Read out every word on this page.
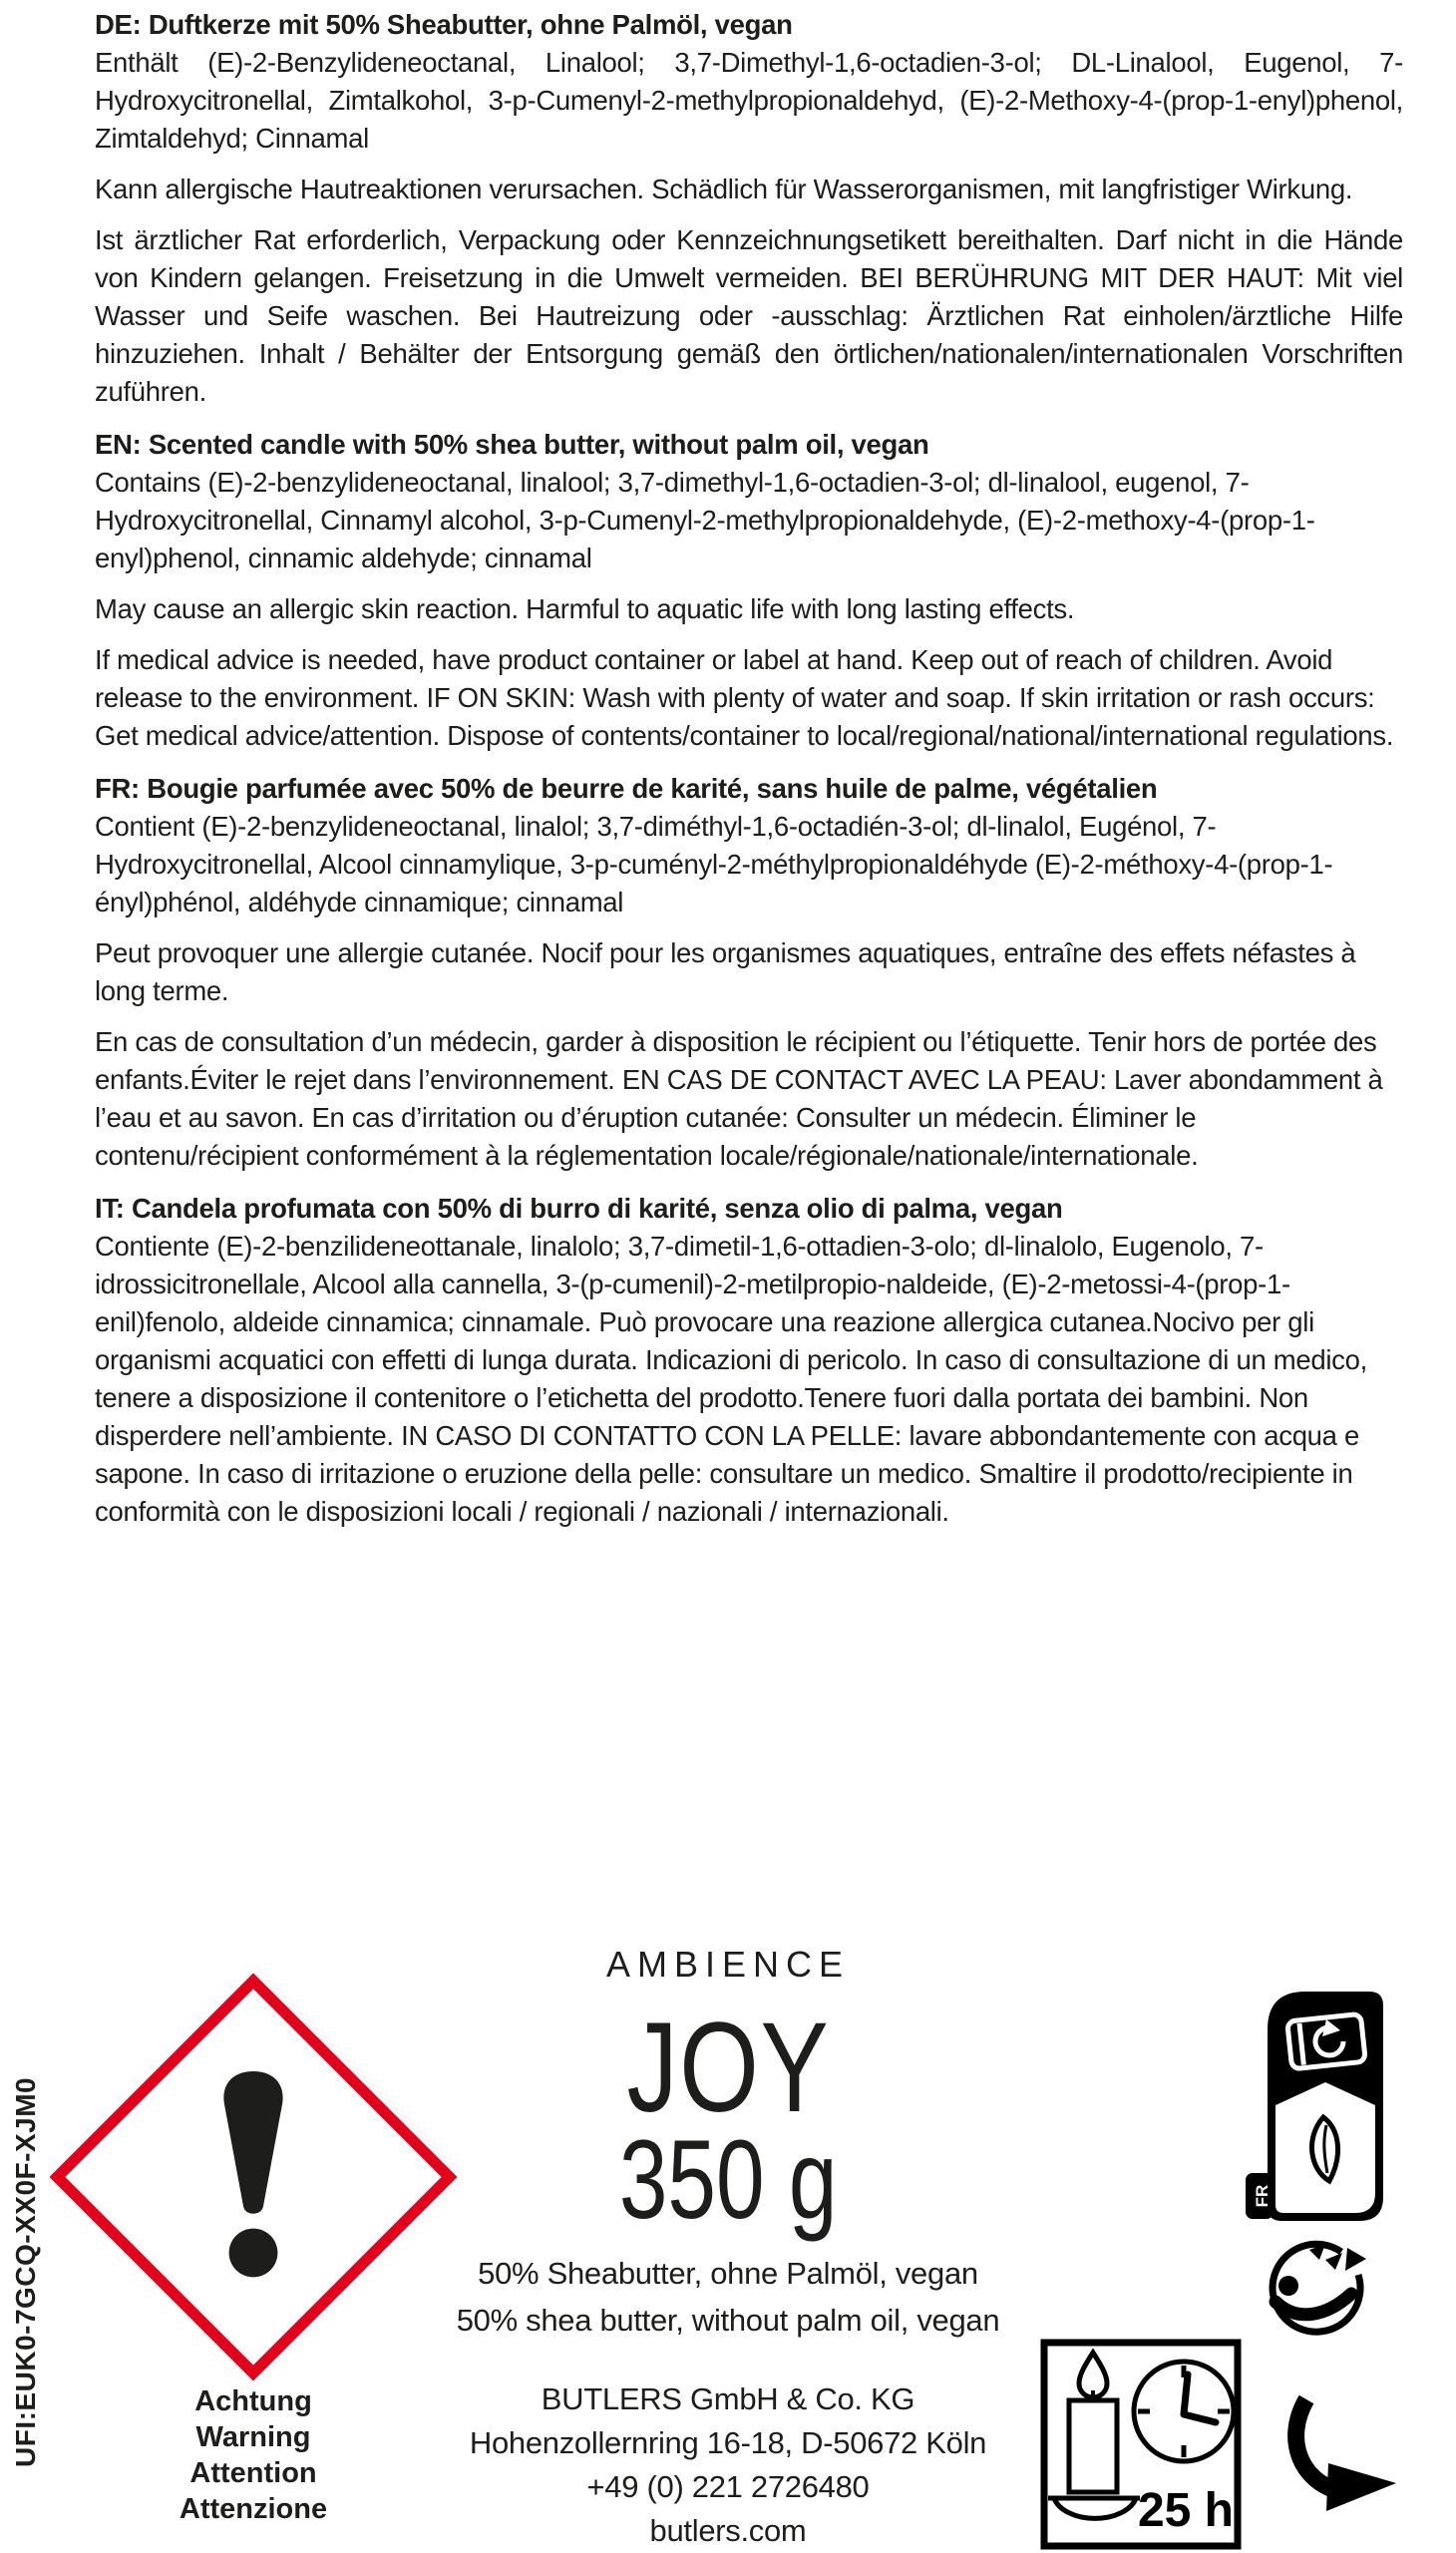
DE: Duftkerze mit 50% Sheabutter, ohne Palmöl, vegan

Enthält (E)-2-Benzylideneoctanal, Linalool; 3,7-Dimethyl-1,6-octadien-3-ol; DL-Linalool, Eugenol, 7-Hydroxycitronellal, Zimtalkohol, 3-p-Cumenyl-2-methylpropionaldehyd, (E)-2-Methoxy-4-(prop-1-enyl)phenol, Zimtaldehyd; Cinnamal

Kann allergische Hautreaktionen verursachen. Schädlich für Wasserorganismen, mit langfristiger Wirkung.

Ist ärztlicher Rat erforderlich, Verpackung oder Kennzeichnungsetikett bereithalten. Darf nicht in die Hände von Kindern gelangen. Freisetzung in die Umwelt vermeiden. BEI BERÜHRUNG MIT DER HAUT: Mit viel Wasser und Seife waschen. Bei Hautreizung oder -ausschlag: Ärztlichen Rat einholen/ärztliche Hilfe hinzuziehen. Inhalt / Behälter der Entsorgung gemäß den örtlichen/nationalen/internationalen Vorschriften zuführen.

EN: Scented candle with 50% shea butter, without palm oil, vegan

Contains (E)-2-benzylideneoctanal, linalool; 3,7-dimethyl-1,6-octadien-3-ol; dl-linalool, eugenol, 7-Hydroxycitronellal, Cinnamyl alcohol, 3-p-Cumenyl-2-methylpropionaldehyde, (E)-2-methoxy-4-(prop-1-enyl)phenol, cinnamic aldehyde; cinnamal

May cause an allergic skin reaction. Harmful to aquatic life with long lasting effects.

If medical advice is needed, have product container or label at hand. Keep out of reach of children. Avoid release to the environment. IF ON SKIN: Wash with plenty of water and soap. If skin irritation or rash occurs: Get medical advice/attention. Dispose of contents/container to local/regional/national/international regulations.

FR: Bougie parfumée avec 50% de beurre de karité, sans huile de palme, végétalien

Contient (E)-2-benzylideneoctanal, linalol; 3,7-diméthyl-1,6-octadién-3-ol; dl-linalol, Eugénol, 7-Hydroxycitronellal, Alcool cinnamylique, 3-p-cuményl-2-méthylpropionaldéhyde (E)-2-méthoxy-4-(prop-1-ényl)phénol, aldéhyde cinnamique; cinnamal

Peut provoquer une allergie cutanée. Nocif pour les organismes aquatiques, entraîne des effets néfastes à long terme.

En cas de consultation d’un médecin, garder à disposition le récipient ou l’étiquette. Tenir hors de portée des enfants.Éviter le rejet dans l’environnement. EN CAS DE CONTACT AVEC LA PEAU: Laver abondamment à l’eau et au savon. En cas d’irritation ou d’éruption cutanée: Consulter un médecin. Éliminer le contenu/récipient conformément à la réglementation locale/régionale/nationale/internationale.

IT: Candela profumata con 50% di burro di karité, senza olio di palma, vegan

Contiente (E)-2-benzilideneottanale, linalolo; 3,7-dimetil-1,6-ottadien-3-olo; dl-linalolo, Eugenolo, 7-idrossicitronellale, Alcool alla cannella, 3-(p-cumenil)-2-metilpropio-naldeide, (E)-2-metossi-4-(prop-1-enil)fenolo, aldeide cinnamica; cinnamale. Può provocare una reazione allergica cutanea.Nocivo per gli organismi acquatici con effetti di lunga durata. Indicazioni di pericolo. In caso di consultazione di un medico, tenere a disposizione il contenitore o l’etichetta del prodotto.Tenere fuori dalla portata dei bambini. Non disperdere nell’ambiente. IN CASO DI CONTATTO CON LA PELLE: lavare abbondantemente con acqua e sapone. In caso di irritazione o eruzione della pelle: consultare un medico. Smaltire il prodotto/recipiente in conformità con le disposizioni locali / regionali / nazionali / internazionali.

UFI:EUK0-7GCQ-XX0F-XJM0	Achtung
Warning
Attention
Attenzione
AMBIENCE
JOY
350 g
50% Sheabutter, ohne Palmöl, vegan
50% shea butter, without palm oil, vegan
BUTLERS GmbH & Co. KG
Hohenzollernring 16-18, D-50672 Köln
+49 (0) 221 2726480
butlers.com
FR
25 h
